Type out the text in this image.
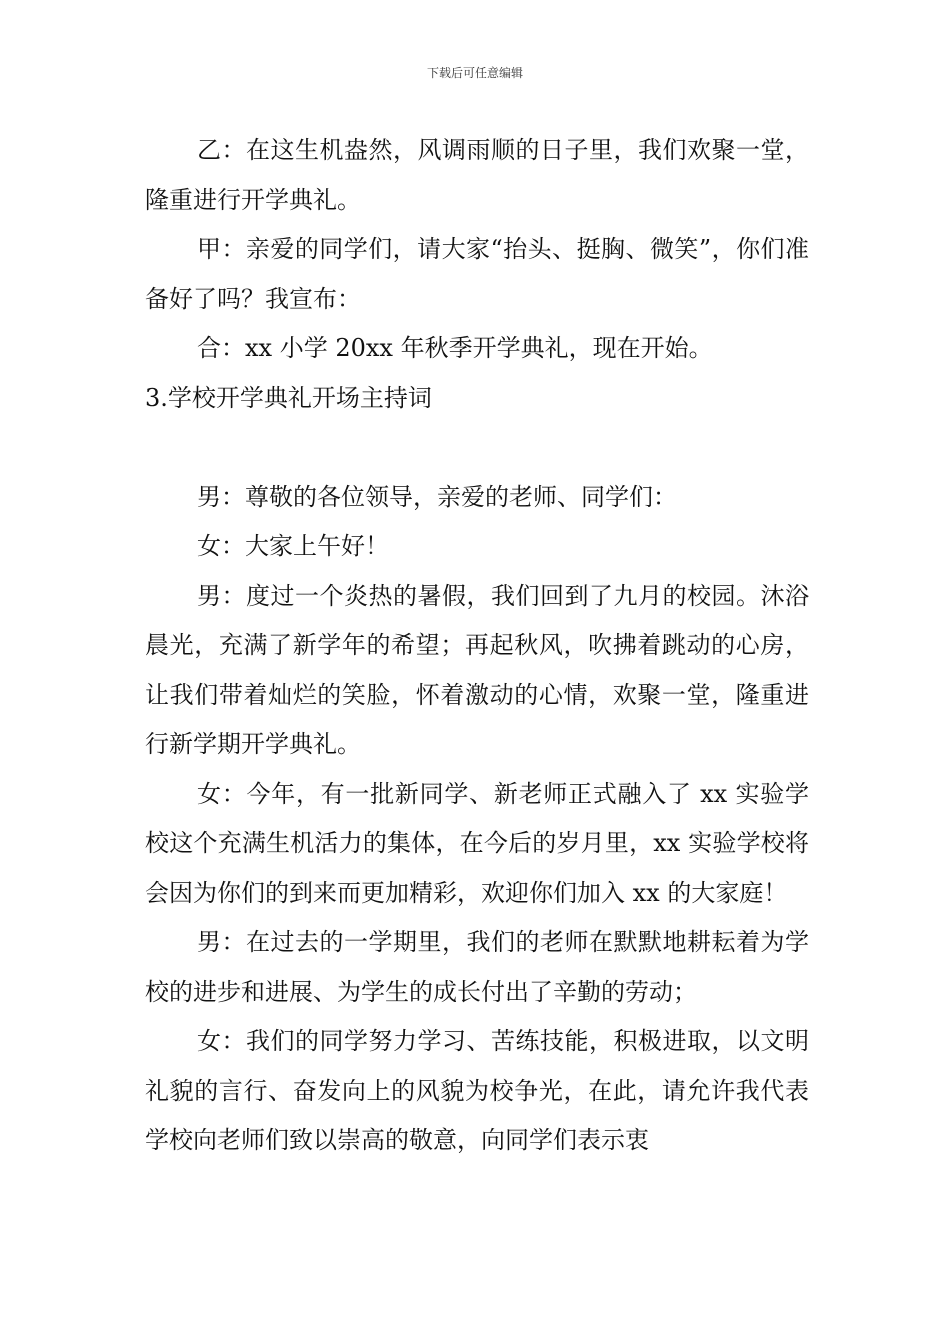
下载后可任意编辑

乙：在这生机盎然，风调雨顺的日子里，我们欢聚一堂，隆重进行开学典礼。

甲：亲爱的同学们，请大家“抬头、挺胸、微笑”，你们准备好了吗？我宣布：

合：xx 小学 20xx 年秋季开学典礼，现在开始。

3.学校开学典礼开场主持词

男：尊敬的各位领导，亲爱的老师、同学们：

女：大家上午好！

男：度过一个炎热的暑假，我们回到了九月的校园。沐浴晨光，充满了新学年的希望；再起秋风，吹拂着跳动的心房，让我们带着灿烂的笑脸，怀着激动的心情，欢聚一堂，隆重进行新学期开学典礼。

女：今年，有一批新同学、新老师正式融入了 xx 实验学校这个充满生机活力的集体，在今后的岁月里，xx 实验学校将会因为你们的到来而更加精彩，欢迎你们加入 xx 的大家庭！

男：在过去的一学期里，我们的老师在默默地耕耘着为学校的进步和进展、为学生的成长付出了辛勤的劳动；

女：我们的同学努力学习、苦练技能，积极进取，以文明礼貌的言行、奋发向上的风貌为校争光，在此，请允许我代表学校向老师们致以崇高的敬意，向同学们表示衷
